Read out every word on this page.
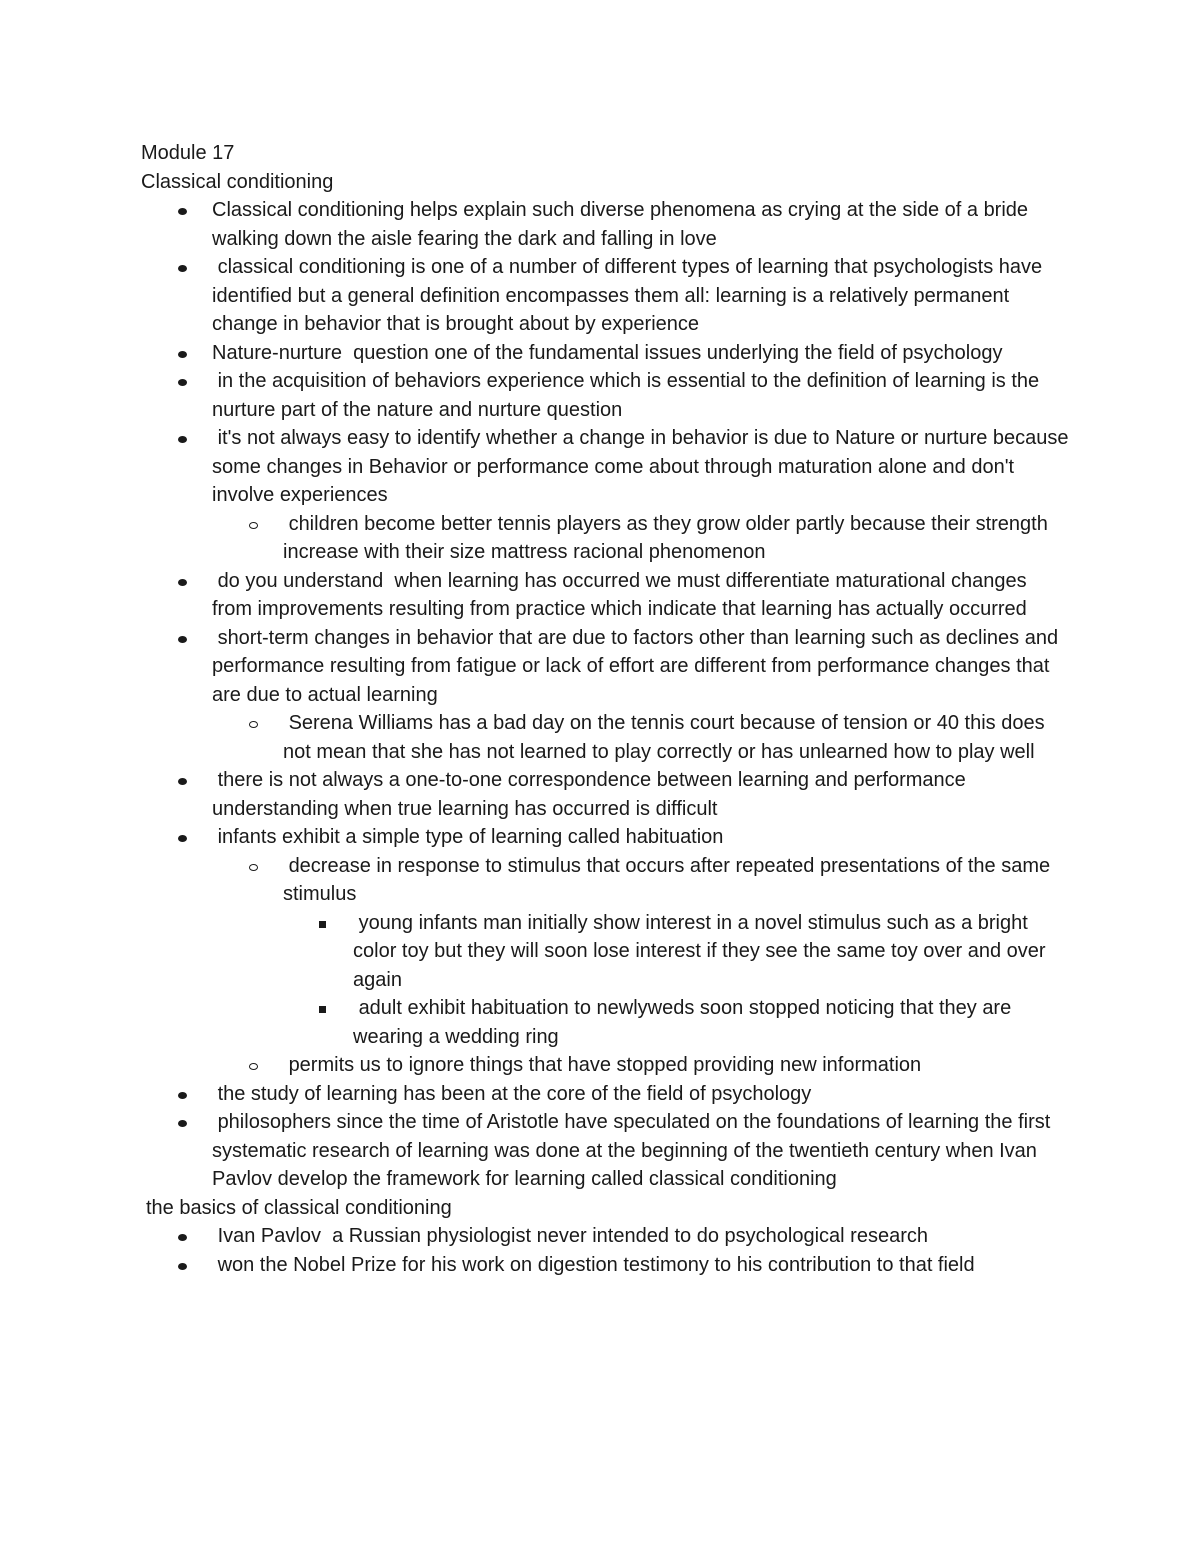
Module 17

Classical conditioning

Classical conditioning helps explain such diverse phenomena as crying at the side of a bride walking down the aisle fearing the dark and falling in love
classical conditioning is one of a number of different types of learning that psychologists have identified but a general definition encompasses them all: learning is a relatively permanent change in behavior that is brought about by experience
Nature-nurture  question one of the fundamental issues underlying the field of psychology
in the acquisition of behaviors experience which is essential to the definition of learning is the nurture part of the nature and nurture question
it's not always easy to identify whether a change in behavior is due to Nature or nurture because some changes in Behavior or performance come about through maturation alone and don't involve experiences
children become better tennis players as they grow older partly because their strength increase with their size mattress racional phenomenon
do you understand  when learning has occurred we must differentiate maturational changes from improvements resulting from practice which indicate that learning has actually occurred
short-term changes in behavior that are due to factors other than learning such as declines and performance resulting from fatigue or lack of effort are different from performance changes that are due to actual learning
Serena Williams has a bad day on the tennis court because of tension or 40 this does not mean that she has not learned to play correctly or has unlearned how to play well
there is not always a one-to-one correspondence between learning and performance understanding when true learning has occurred is difficult
infants exhibit a simple type of learning called habituation
decrease in response to stimulus that occurs after repeated presentations of the same stimulus
young infants man initially show interest in a novel stimulus such as a bright color toy but they will soon lose interest if they see the same toy over and over again
adult exhibit habituation to newlyweds soon stopped noticing that they are wearing a wedding ring
permits us to ignore things that have stopped providing new information
the study of learning has been at the core of the field of psychology
philosophers since the time of Aristotle have speculated on the foundations of learning the first systematic research of learning was done at the beginning of the twentieth century when Ivan Pavlov develop the framework for learning called classical conditioning

the basics of classical conditioning

Ivan Pavlov  a Russian physiologist never intended to do psychological research
won the Nobel Prize for his work on digestion testimony to his contribution to that field
